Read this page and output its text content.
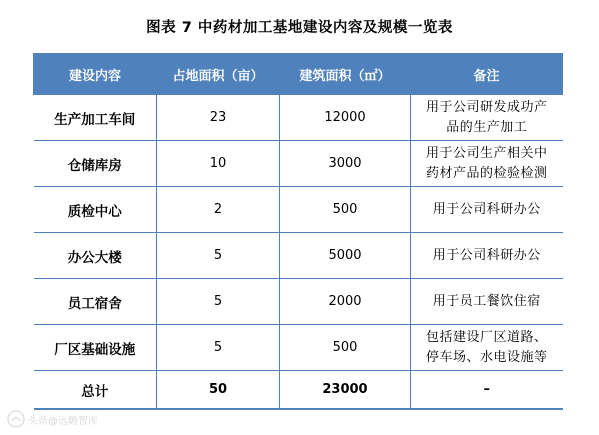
图表 7 中药材加工基地建设内容及规模一览表
建设内容	占地面积（亩）	建筑面积（㎡）	备注
生产加工车间	23	12000	用于公司研发成功产
品的生产加工
仓储库房	10	3000	用于公司生产相关中
药材产品的检验检测
质检中心	2	500	用于公司科研办公
办公大楼	5	5000	用于公司科研办公
员工宿舍	5	2000	用于员工餐饮住宿
厂区基础设施	5	500	包括建设厂区道路、
停车场、水电设施等
总计	50	23000	–
头条@远瞻智库
